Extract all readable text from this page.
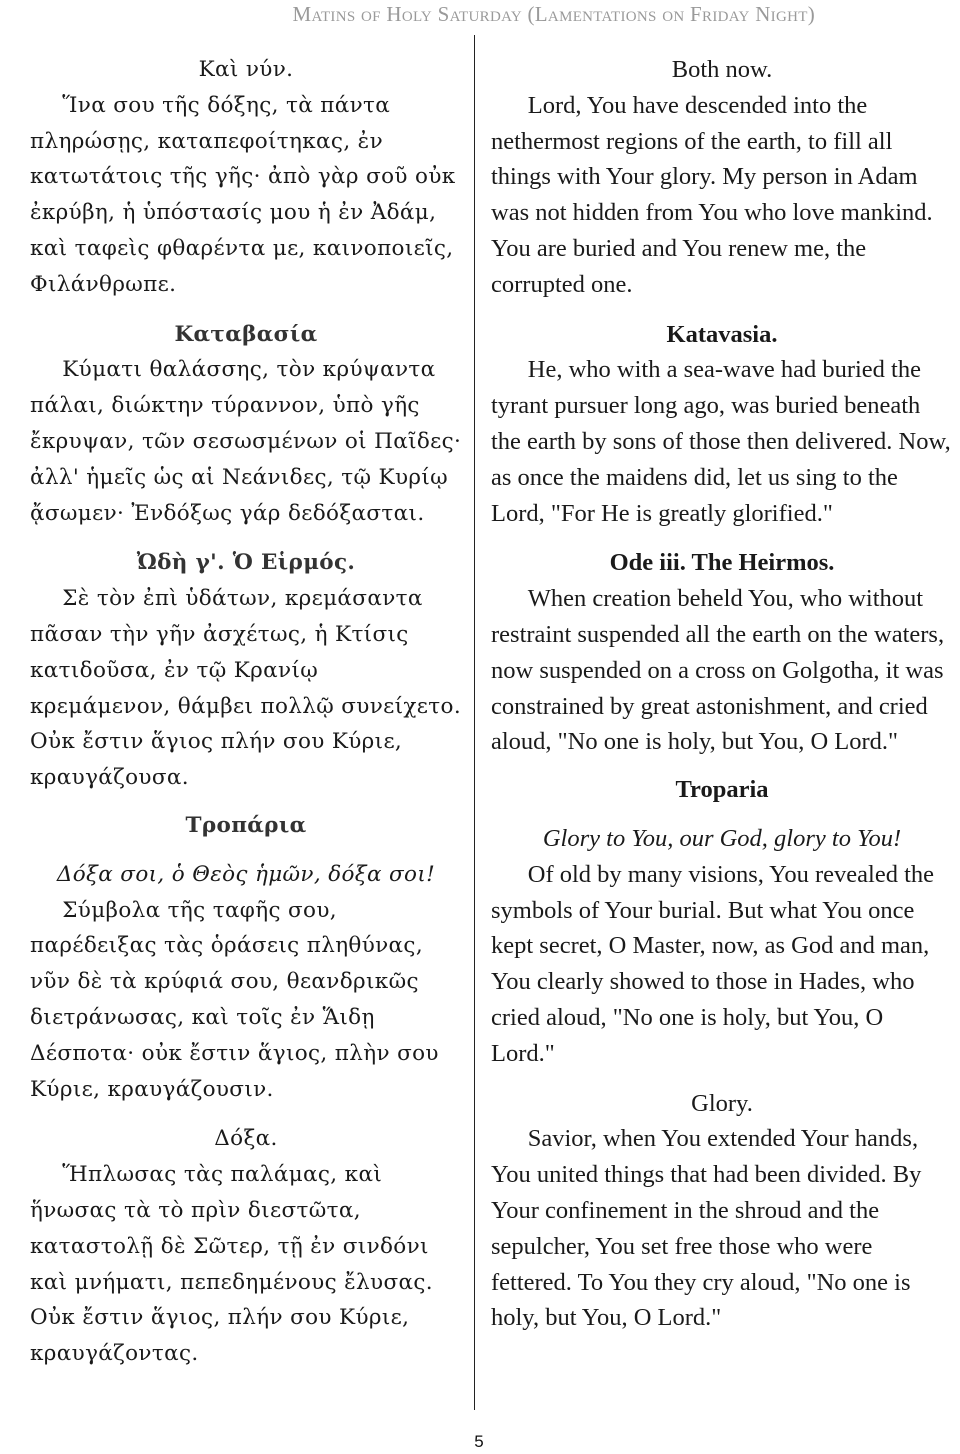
Matins of Holy Saturday (Lamentations on Friday Night)

Καὶ νύν.

Ἵνα σου τῆς δόξης, τὰ πάντα πληρώσῃς, καταπεφοίτηκας, ἐν κατωτάτοις τῆς γῆς· ἀπὸ γὰρ σοῦ οὐκ ἐκρύβη, ἡ ὑπόστασίς μου ἡ ἐν Ἀδάμ, καὶ ταφεὶς φθαρέντα με, καινοποιεῖς, Φιλάνθρωπε.

Καταβασία

Κύματι θαλάσσης, τὸν κρύψαντα πάλαι, διώκτην τύραννον, ὑπὸ γῆς ἔκρυψαν, τῶν σεσωσμένων οἱ Παῖδες· ἀλλ' ἡμεῖς ὡς αἱ Νεάνιδες, τῷ Κυρίῳ ᾄσωμεν· Ἐνδόξως γάρ δεδόξασται.

Ὠδὴ γ'. Ὁ Εἱρμός.

Σὲ τὸν ἐπὶ ὑδάτων, κρεμάσαντα πᾶσαν τὴν γῆν ἀσχέτως, ἡ Κτίσις κατιδοῦσα, ἐν τῷ Κρανίῳ κρεμάμενον, θάμβει πολλῷ συνείχετο. Οὐκ ἔστιν ἅγιος πλήν σου Κύριε, κραυγάζουσα.

Τροπάρια

Δόξα σοι, ὁ Θεὸς ἡμῶν, δόξα σοι!

Σύμβολα τῆς ταφῆς σου, παρέδειξας τὰς ὁράσεις πληθύνας, νῦν δὲ τὰ κρύφιά σου, θεανδρικῶς διετράνωσας, καὶ τοῖς ἐν Ἅιδῃ Δέσποτα· οὐκ ἔστιν ἅγιος, πλὴν σου Κύριε, κραυγάζουσιν.

Δόξα.

Ἥπλωσας τὰς παλάμας, καὶ ἥνωσας τὰ τὸ πρὶν διεστῶτα, καταστολῇ δὲ Σῶτερ, τῇ ἐν σινδόνι καὶ μνήματι, πεπεδημένους ἔλυσας. Οὐκ ἔστιν ἅγιος, πλήν σου Κύριε, κραυγάζοντας.

Both now.

Lord, You have descended into the nethermost regions of the earth, to fill all things with Your glory. My person in Adam was not hidden from You who love mankind. You are buried and You renew me, the corrupted one.

Katavasia.

He, who with a sea-wave had buried the tyrant pursuer long ago, was buried beneath the earth by sons of those then delivered. Now, as once the maidens did, let us sing to the Lord, "For He is greatly glorified."

Ode iii. The Heirmos.

When creation beheld You, who without restraint suspended all the earth on the waters, now suspended on a cross on Golgotha, it was constrained by great astonishment, and cried aloud, "No one is holy, but You, O Lord."

Troparia

Glory to You, our God, glory to You!

Of old by many visions, You revealed the symbols of Your burial. But what You once kept secret, O Master, now, as God and man, You clearly showed to those in Hades, who cried aloud, "No one is holy, but You, O Lord."

Glory.

Savior, when You extended Your hands, You united things that had been divided. By Your confinement in the shroud and the sepulcher, You set free those who were fettered. To You they cry aloud, "No one is holy, but You, O Lord."

5
